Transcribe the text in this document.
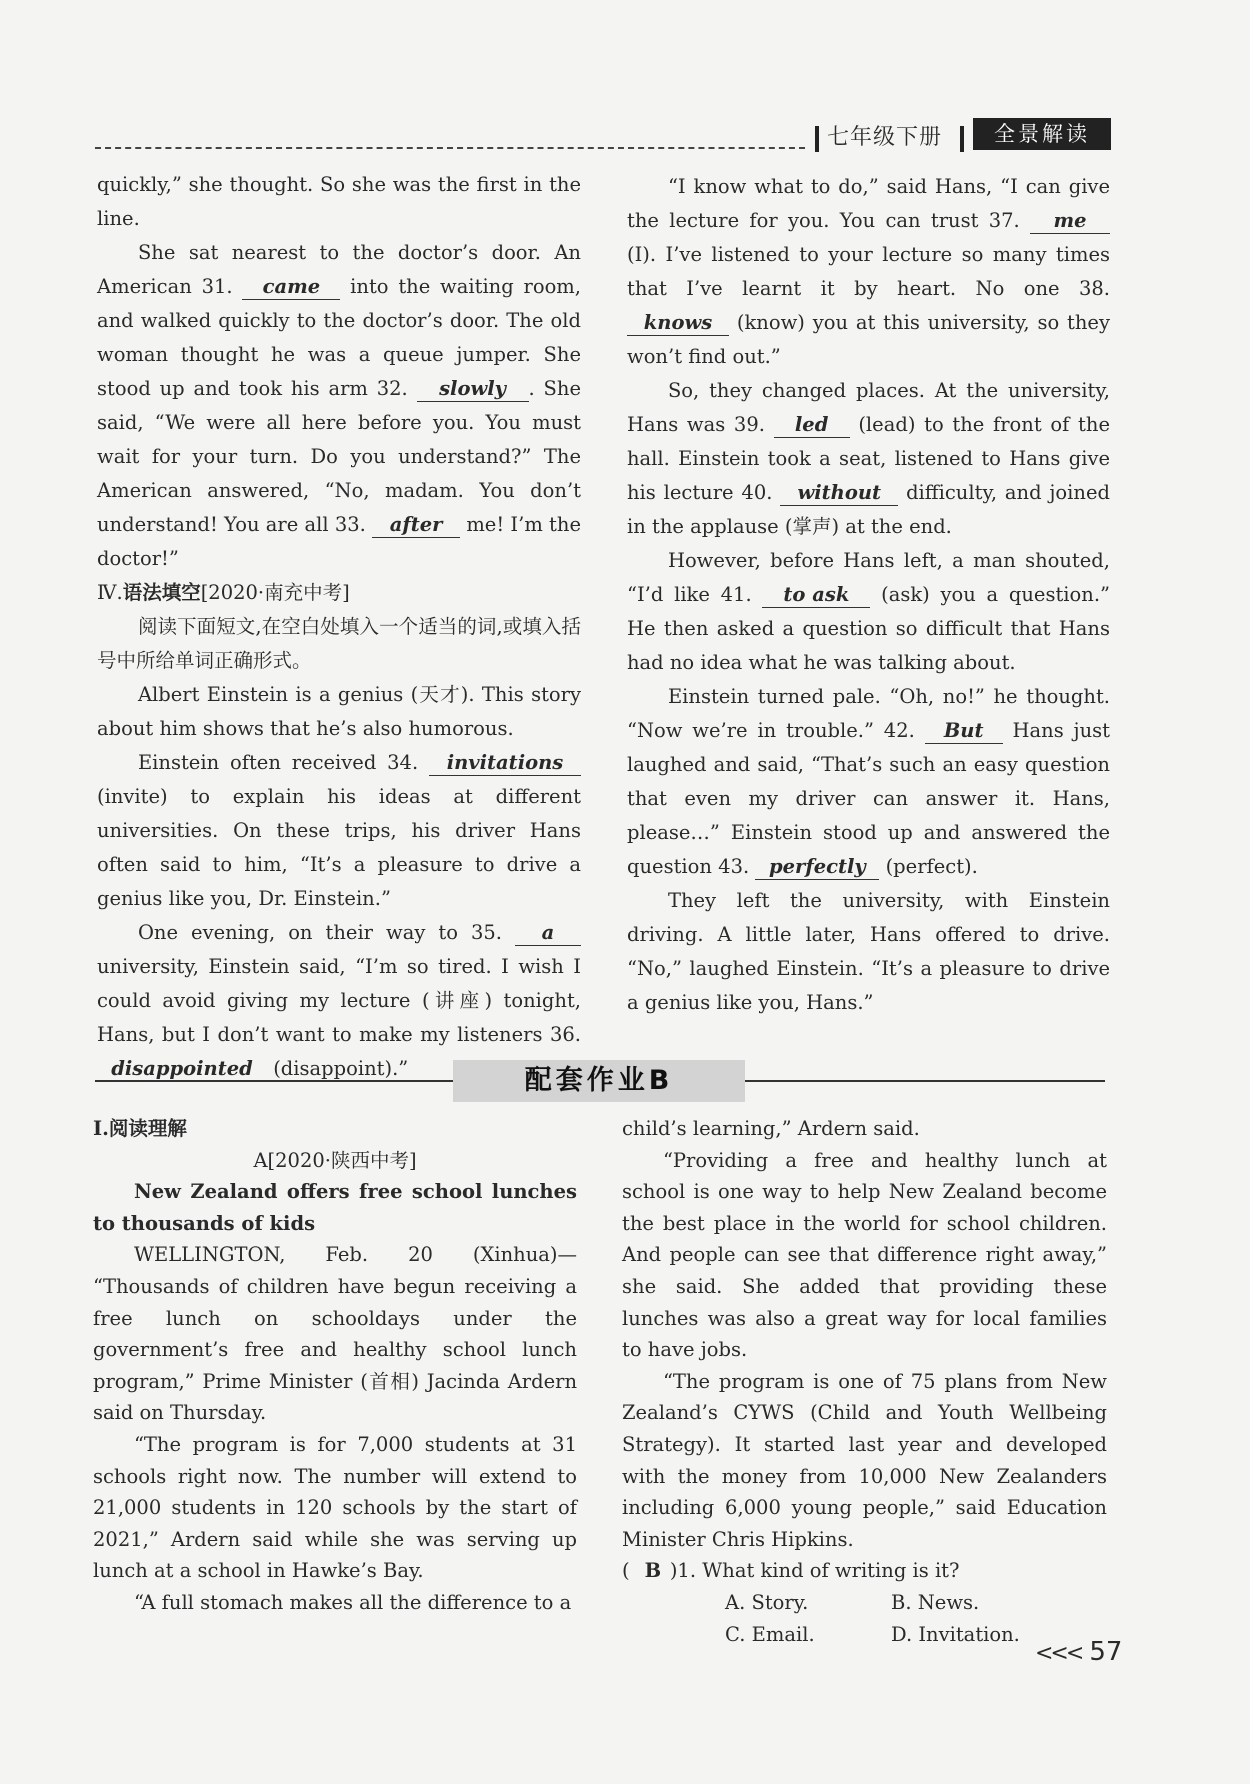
七年级下册	全景解读

quickly,” she thought. So she was the first in the line.

She sat nearest to the doctor’s door. An American 31. came into the waiting room, and walked quickly to the doctor’s door. The old woman thought he was a queue jumper. She stood up and took his arm 32. slowly . She said, “We were all here before you. You must wait for your turn. Do you understand?” The American answered, “No, madam. You don’t understand! You are all 33. after me! I’m the doctor!”

Ⅳ.语法填空[2020·南充中考]

阅读下面短文,在空白处填入一个适当的词,或填入括号中所给单词正确形式。

Albert Einstein is a genius (天才). This story about him shows that he’s also humorous.

Einstein often received 34. invitations (invite) to explain his ideas at different universities. On these trips, his driver Hans often said to him, “It’s a pleasure to drive a genius like you, Dr. Einstein.”

One evening, on their way to 35. a university, Einstein said, “I’m so tired. I wish I could avoid giving my lecture (讲座) tonight, Hans, but I don’t want to make my listeners 36. disappointed (disappoint).”

“I know what to do,” said Hans, “I can give the lecture for you. You can trust 37. me (I). I’ve listened to your lecture so many times that I’ve learnt it by heart. No one 38. knows (know) you at this university, so they won’t find out.”

So, they changed places. At the university, Hans was 39. led (lead) to the front of the hall. Einstein took a seat, listened to Hans give his lecture 40. without difficulty, and joined in the applause (掌声) at the end.

However, before Hans left, a man shouted, “I’d like 41. to ask (ask) you a question.” He then asked a question so difficult that Hans had no idea what he was talking about.

Einstein turned pale. “Oh, no!” he thought. “Now we’re in trouble.” 42. But Hans just laughed and said, “That’s such an easy question that even my driver can answer it. Hans, please…” Einstein stood up and answered the question 43. perfectly (perfect).

They left the university, with Einstein driving. A little later, Hans offered to drive. “No,” laughed Einstein. “It’s a pleasure to drive a genius like you, Hans.”

配套作业B

Ⅰ.阅读理解

A[2020·陕西中考]

New Zealand offers free school lunches to thousands of kids

WELLINGTON, Feb. 20 (Xinhua)— “Thousands of children have begun receiving a free lunch on schooldays under the government’s free and healthy school lunch program,” Prime Minister (首相) Jacinda Ardern said on Thursday.

“The program is for 7,000 students at 31 schools right now. The number will extend to 21,000 students in 120 schools by the start of 2021,” Ardern said while she was serving up lunch at a school in Hawke’s Bay.

“A full stomach makes all the difference to a

child’s learning,” Ardern said.

“Providing a free and healthy lunch at school is one way to help New Zealand become the best place in the world for school children. And people can see that difference right away,” she said. She added that providing these lunches was also a great way for local families to have jobs.

“The program is one of 75 plans from New Zealand’s CYWS (Child and Youth Wellbeing Strategy). It started last year and developed with the money from 10,000 New Zealanders including 6,000 young people,” said Education Minister Chris Hipkins.

( B )1. What kind of writing is it?

A. Story.	B. News.

C. Email.	D. Invitation.

<<< 57
